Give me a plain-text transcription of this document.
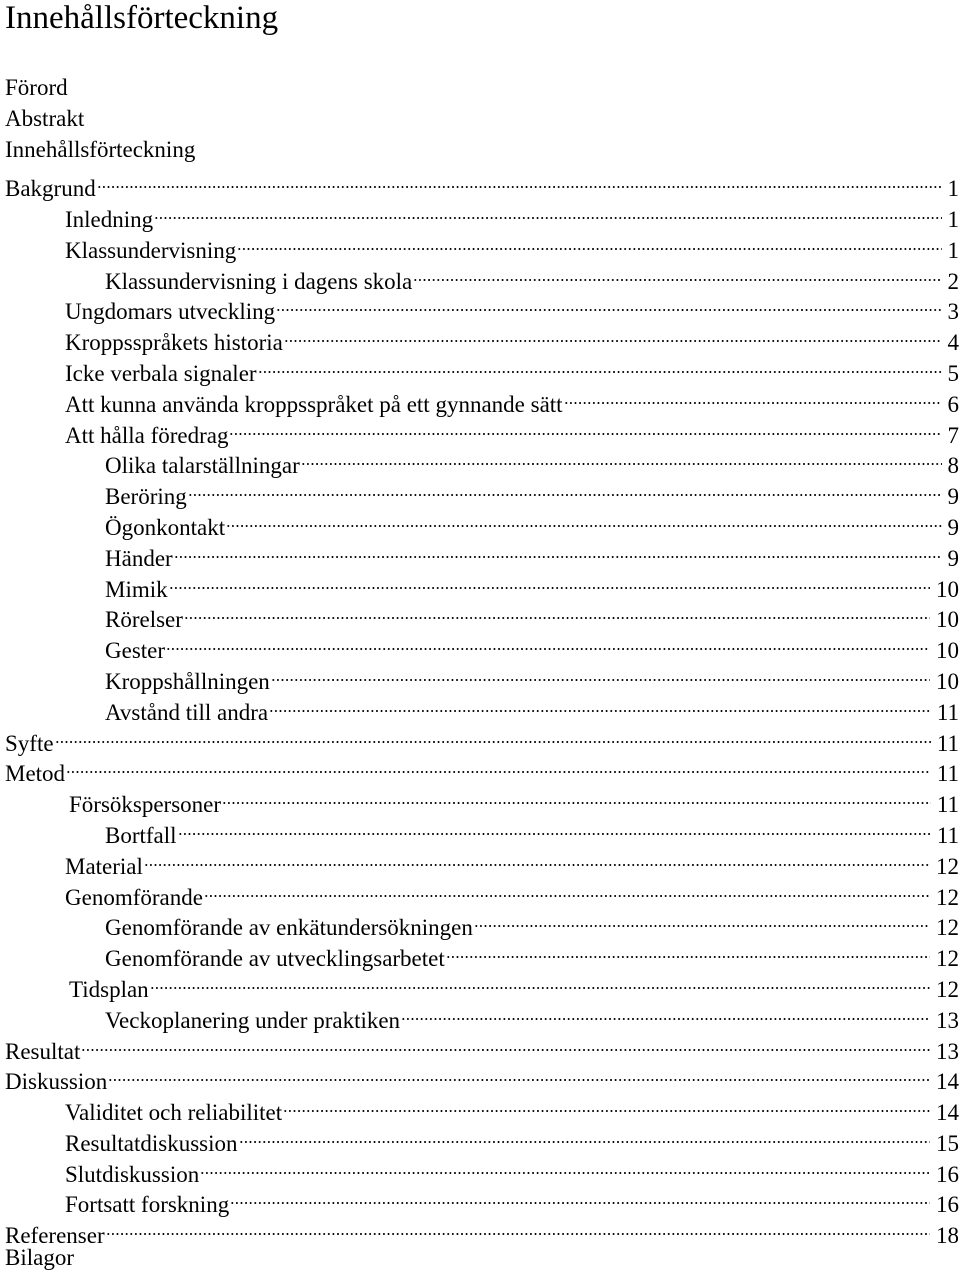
Innehållsförteckning
Förord
Abstrakt
Innehållsförteckning
Bakgrund	1
Inledning	1
Klassundervisning	1
Klassundervisning i dagens skola	2
Ungdomars utveckling	3
Kroppsspråkets historia	4
Icke verbala signaler	5
Att kunna använda kroppsspråket på ett gynnande sätt	6
Att hålla föredrag	7
Olika talarställningar	8
Beröring	9
Ögonkontakt	9
Händer	9
Mimik	10
Rörelser	10
Gester	10
Kroppshållningen	10
Avstånd till andra	11
Syfte	11
Metod	11
Försökspersoner	11
Bortfall	11
Material	12
Genomförande	12
Genomförande av enkätundersökningen	12
Genomförande av utvecklingsarbetet	12
Tidsplan	12
Veckoplanering under praktiken	13
Resultat	13
Diskussion	14
Validitet och reliabilitet	14
Resultatdiskussion	15
Slutdiskussion	16
Fortsatt forskning	16
Referenser	18
Bilagor
